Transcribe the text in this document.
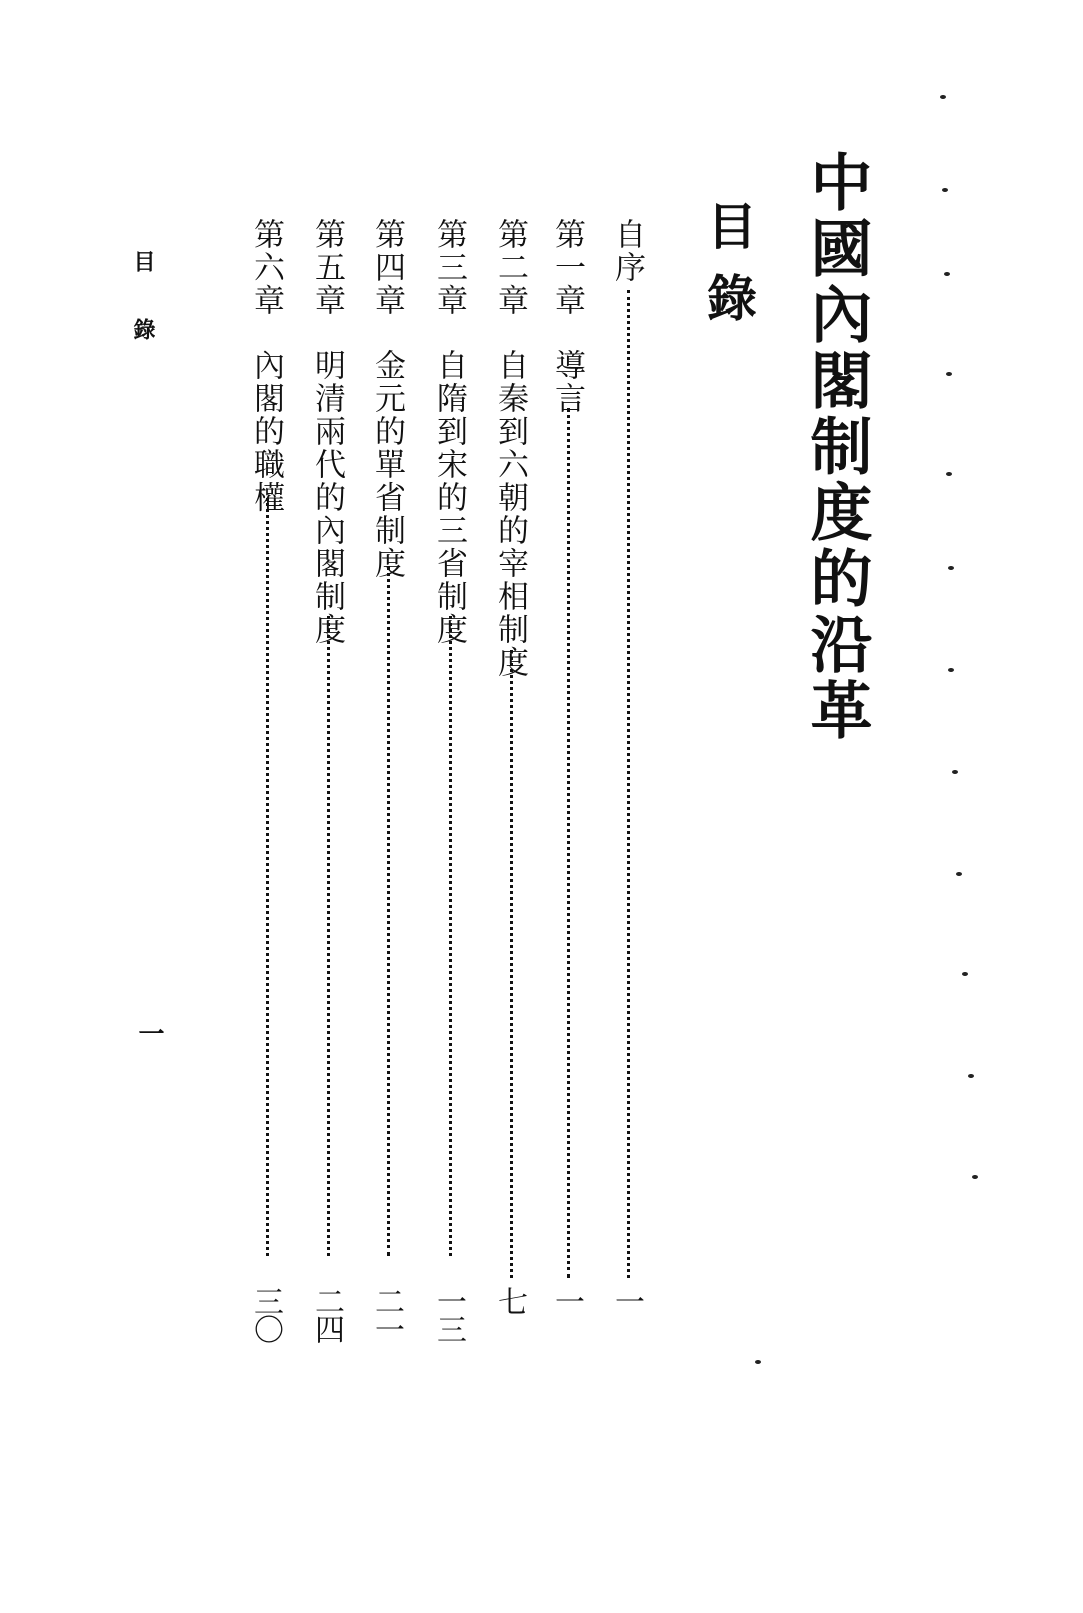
中國內閣制度的沿革
目錄
自序
一
第一章導言
一
第二章自秦到六朝的宰相制度
七
第三章自隋到宋的三省制度
一三
第四章金元的單省制度
二一
第五章明清兩代的內閣制度
二四
第六章內閣的職權
三〇
目錄
一
